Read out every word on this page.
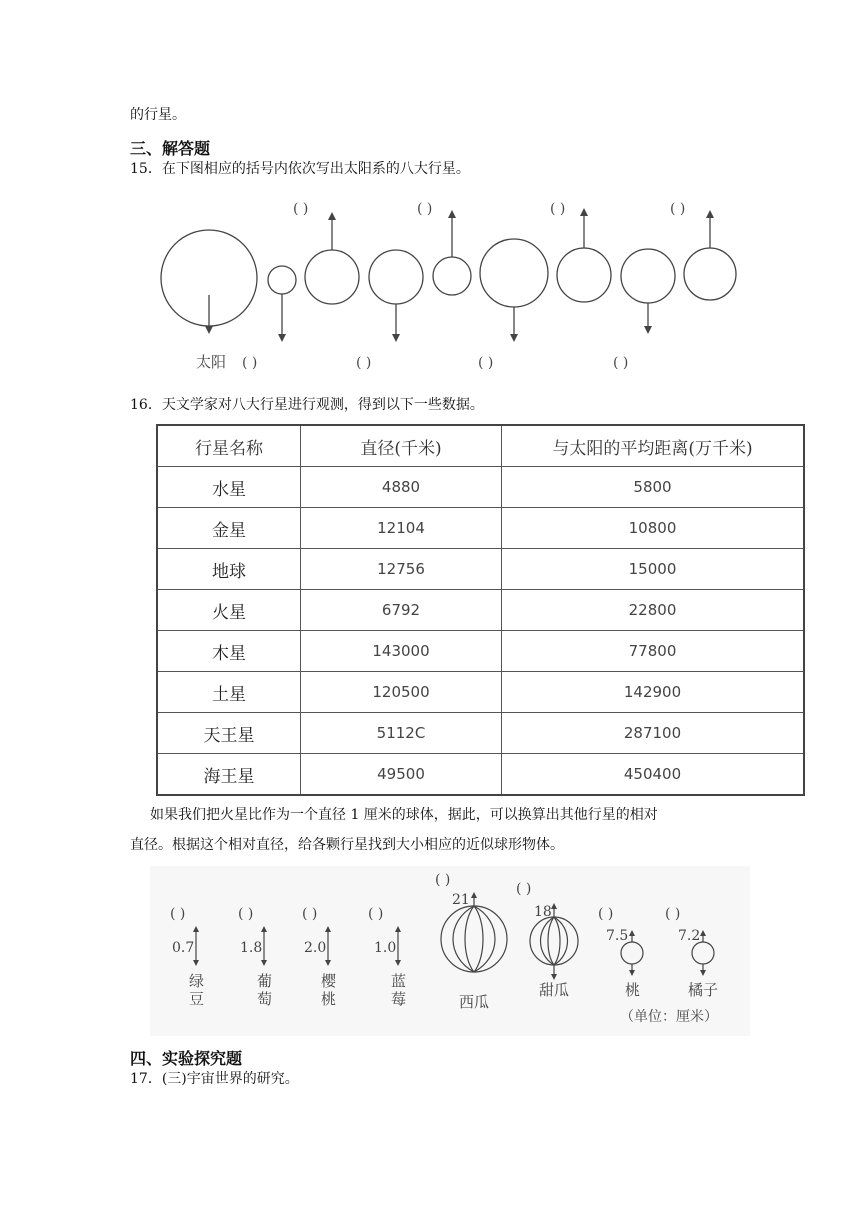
的行星。
三、解答题
15．在下图相应的括号内依次写出太阳系的八大行星。
太阳
( )	( )	( )	( )
( )	( )	( )	( )
16．天文学家对八大行星进行观测，得到以下一些数据。
行星名称	直径(千米)	与太阳的平均距离(万千米)
水星	4880	5800
金星	12104	10800
地球	12756	15000
火星	6792	22800
木星	143000	77800
土星	120500	142900
天王星	5112C	287100
海王星	49500	450400
如果我们把火星比作为一个直径 1 厘米的球体，据此，可以换算出其他行星的相对
直径。根据这个相对直径，给各颗行星找到大小相应的近似球形物体。
( )	( )	( )	( )
( )
( )
( )	( )
0.7	1.8	2.0	1.0
21
18
7.5	7.2
绿
豆
葡
萄
樱
桃
蓝
莓	西瓜
甜瓜	桃	橘子
（单位：厘米）
四、实验探究题
17．(三)宇宙世界的研究。
